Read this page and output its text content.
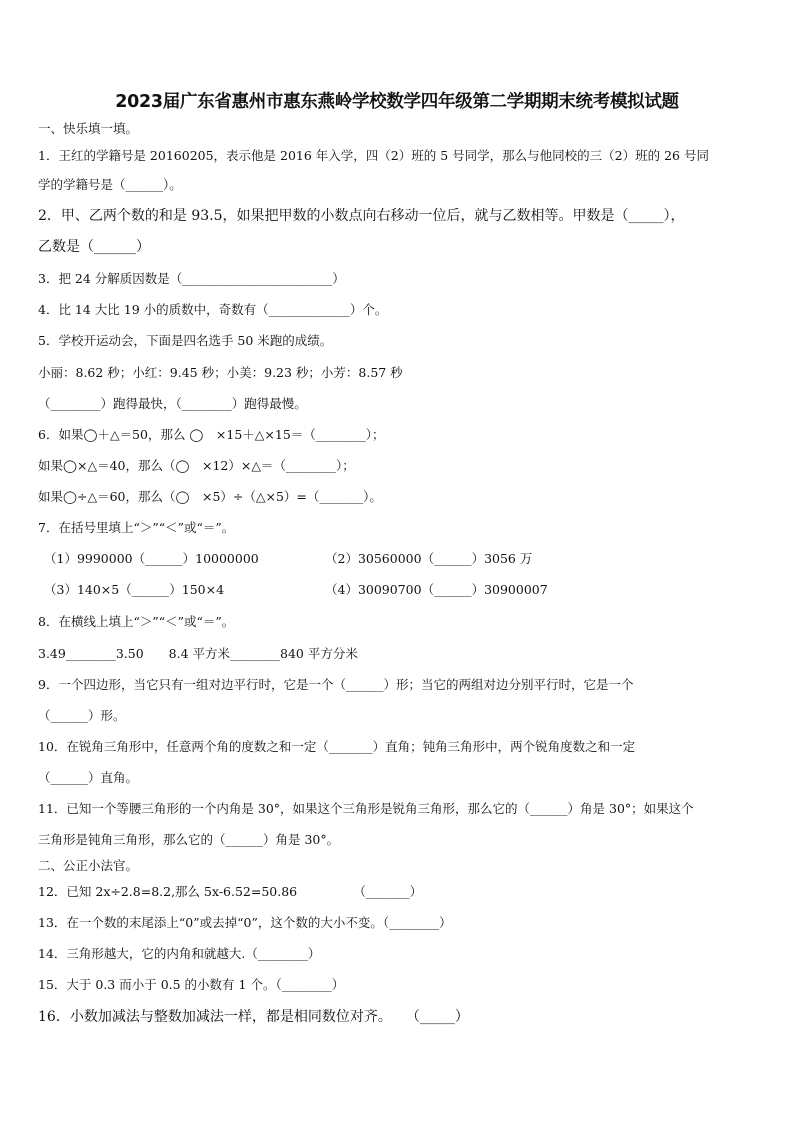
2023届广东省惠州市惠东燕岭学校数学四年级第二学期期末统考模拟试题
一、快乐填一填。
1．王红的学籍号是 20160205，表示他是 2016 年入学，四（2）班的 5 号同学，那么与他同校的三（2）班的 26 号同
学的学籍号是（______）。
2．甲、乙两个数的和是 93.5，如果把甲数的小数点向右移动一位后，就与乙数相等。甲数是（_____），
乙数是（______）
3．把 24 分解质因数是（________________________）
4．比 14 大比 19 小的质数中，奇数有（_____________）个。
5．学校开运动会，下面是四名选手 50 米跑的成绩。
小丽：8.62 秒；小红：9.45 秒；小美：9.23 秒；小芳：8.57 秒
（________）跑得最快，（________）跑得最慢。
6．如果◯＋△＝50，那么 ◯　×15＋△×15＝（________）；
如果◯×△＝40，那么（◯　×12）×△＝（________）；
如果◯÷△＝60，那么（◯　×5）÷（△×5）=（_______）。
7．在括号里填上“＞”“＜”或“＝”。
（1）9990000（______）10000000	（2）30560000（______）3056 万
（3）140×5（______）150×4	（4）30090700（______）30900007
8．在横线上填上“＞”“＜”或“＝”。
3.49________3.50　　8.4 平方米________840 平方分米
9．一个四边形，当它只有一组对边平行时，它是一个（______）形；当它的两组对边分别平行时，它是一个
（______）形。
10．在锐角三角形中，任意两个角的度数之和一定（_______）直角；钝角三角形中，两个锐角度数之和一定
（______）直角。
11．已知一个等腰三角形的一个内角是 30°，如果这个三角形是锐角三角形，那么它的（______）角是 30°；如果这个
三角形是钝角三角形，那么它的（______）角是 30°。
二、公正小法官。
12．已知 2x÷2.8=8.2,那么 5x-6.52=50.86　　　　　（_______）
13．在一个数的末尾添上“0”或去掉“0”，这个数的大小不变。（________）
14．三角形越大，它的内角和就越大.（________）
15．大于 0.3 而小于 0.5 的小数有 1 个。（________）
16．小数加减法与整数加减法一样，都是相同数位对齐。　　（_____）
